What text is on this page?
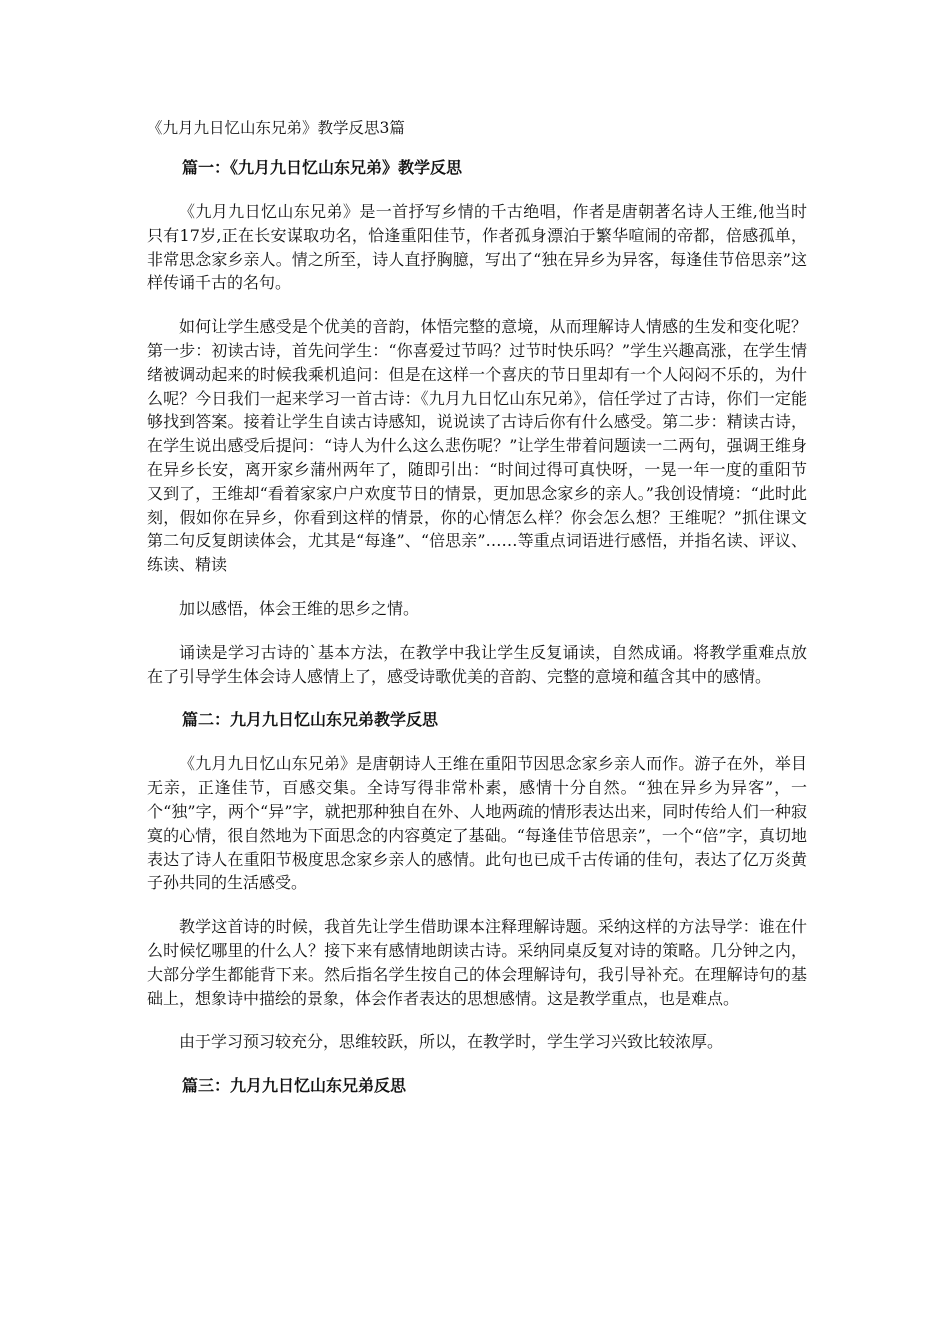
《九月九日忆山东兄弟》教学反思3篇
篇一：《九月九日忆山东兄弟》教学反思

《九月九日忆山东兄弟》是一首抒写乡情的千古绝唱，作者是唐朝著名诗人王维,他当时只有17岁,正在长安谋取功名，恰逢重阳佳节，作者孤身漂泊于繁华喧闹的帝都，倍感孤单，非常思念家乡亲人。情之所至，诗人直抒胸臆，写出了“独在异乡为异客，每逢佳节倍思亲”这样传诵千古的名句。

如何让学生感受是个优美的音韵，体悟完整的意境，从而理解诗人情感的生发和变化呢？第一步：初读古诗，首先问学生：“你喜爱过节吗？过节时快乐吗？”学生兴趣高涨，在学生情绪被调动起来的时候我乘机追问：但是在这样一个喜庆的节日里却有一个人闷闷不乐的，为什么呢？今日我们一起来学习一首古诗：《九月九日忆山东兄弟》，信任学过了古诗，你们一定能够找到答案。接着让学生自读古诗感知，说说读了古诗后你有什么感受。第二步：精读古诗，在学生说出感受后提问：“诗人为什么这么悲伤呢？”让学生带着问题读一二两句，强调王维身在异乡长安，离开家乡蒲州两年了，随即引出：“时间过得可真快呀，一晃一年一度的重阳节又到了，王维却“看着家家户户欢度节日的情景，更加思念家乡的亲人。”我创设情境：“此时此刻，假如你在异乡，你看到这样的情景，你的心情怎么样？你会怎么想？王维呢？”抓住课文第二句反复朗读体会，尤其是“每逢”、“倍思亲”……等重点词语进行感悟，并指名读、评议、练读、精读

加以感悟，体会王维的思乡之情。

诵读是学习古诗的`基本方法，在教学中我让学生反复诵读，自然成诵。将教学重难点放在了引导学生体会诗人感情上了，感受诗歌优美的音韵、完整的意境和蕴含其中的感情。

篇二：九月九日忆山东兄弟教学反思

《九月九日忆山东兄弟》是唐朝诗人王维在重阳节因思念家乡亲人而作。游子在外，举目无亲，正逢佳节，百感交集。全诗写得非常朴素，感情十分自然。“独在异乡为异客”，一个“独”字，两个“异”字，就把那种独自在外、人地两疏的情形表达出来，同时传给人们一种寂寞的心情，很自然地为下面思念的内容奠定了基础。“每逢佳节倍思亲”，一个“倍”字，真切地表达了诗人在重阳节极度思念家乡亲人的感情。此句也已成千古传诵的佳句，表达了亿万炎黄子孙共同的生活感受。

教学这首诗的时候，我首先让学生借助课本注释理解诗题。采纳这样的方法导学：谁在什么时候忆哪里的什么人？接下来有感情地朗读古诗。采纳同桌反复对诗的策略。几分钟之内，大部分学生都能背下来。然后指名学生按自己的体会理解诗句，我引导补充。在理解诗句的基础上，想象诗中描绘的景象，体会作者表达的思想感情。这是教学重点，也是难点。

由于学习预习较充分，思维较跃，所以，在教学时，学生学习兴致比较浓厚。

篇三：九月九日忆山东兄弟反思
